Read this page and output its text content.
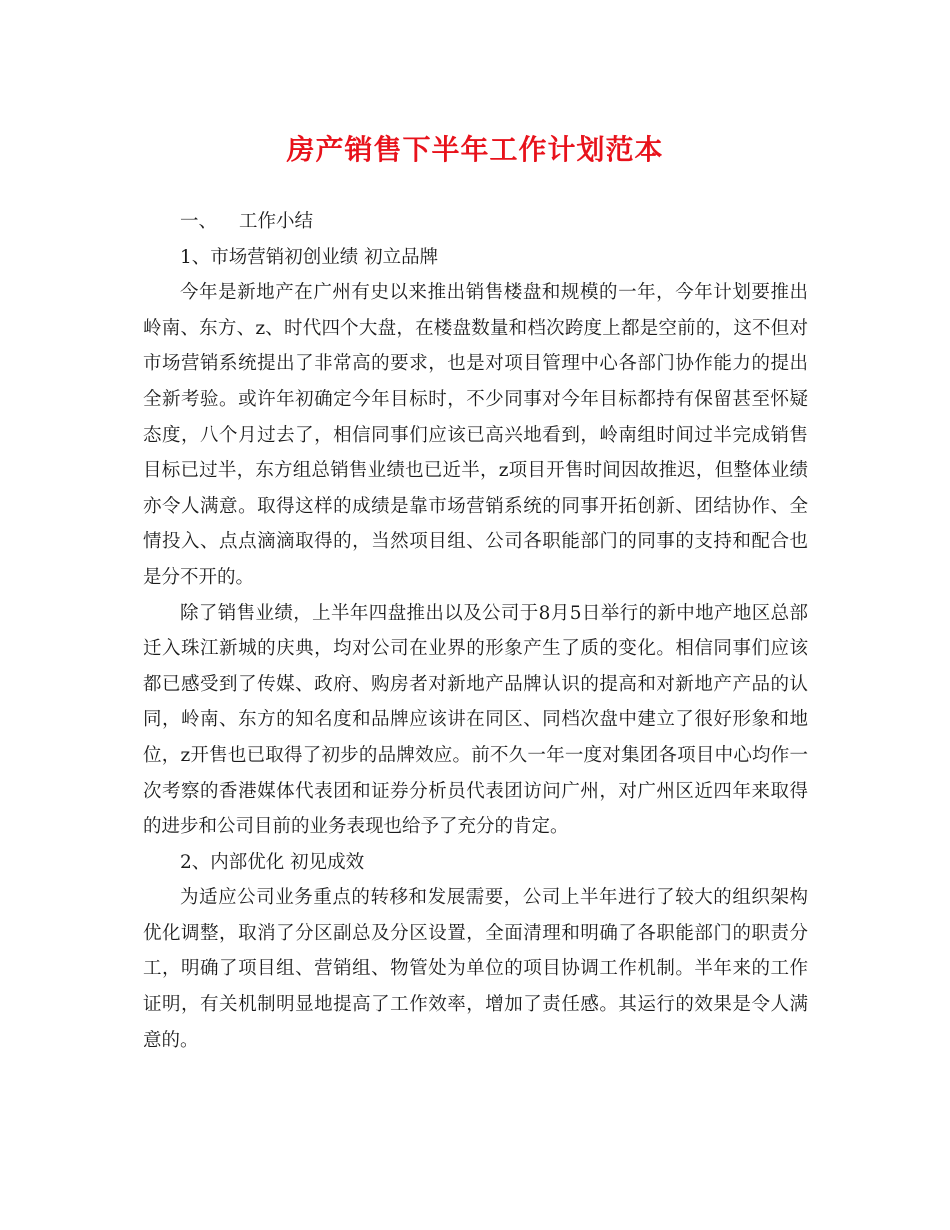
房产销售下半年工作计划范本

一、 工作小结

1、市场营销初创业绩 初立品牌

今年是新地产在广州有史以来推出销售楼盘和规模的一年，今年计划要推出岭南、东方、z、时代四个大盘，在楼盘数量和档次跨度上都是空前的，这不但对市场营销系统提出了非常高的要求，也是对项目管理中心各部门协作能力的提出全新考验。或许年初确定今年目标时，不少同事对今年目标都持有保留甚至怀疑态度，八个月过去了，相信同事们应该已高兴地看到，岭南组时间过半完成销售目标已过半，东方组总销售业绩也已近半，z项目开售时间因故推迟，但整体业绩亦令人满意。取得这样的成绩是靠市场营销系统的同事开拓创新、团结协作、全情投入、点点滴滴取得的，当然项目组、公司各职能部门的同事的支持和配合也是分不开的。

除了销售业绩，上半年四盘推出以及公司于8月5日举行的新中地产地区总部迁入珠江新城的庆典，均对公司在业界的形象产生了质的变化。相信同事们应该都已感受到了传媒、政府、购房者对新地产品牌认识的提高和对新地产产品的认同，岭南、东方的知名度和品牌应该讲在同区、同档次盘中建立了很好形象和地位，z开售也已取得了初步的品牌效应。前不久一年一度对集团各项目中心均作一次考察的香港媒体代表团和证券分析员代表团访问广州，对广州区近四年来取得的进步和公司目前的业务表现也给予了充分的肯定。

2、内部优化 初见成效

为适应公司业务重点的转移和发展需要，公司上半年进行了较大的组织架构优化调整，取消了分区副总及分区设置，全面清理和明确了各职能部门的职责分工，明确了项目组、营销组、物管处为单位的项目协调工作机制。半年来的工作证明，有关机制明显地提高了工作效率，增加了责任感。其运行的效果是令人满意的。
